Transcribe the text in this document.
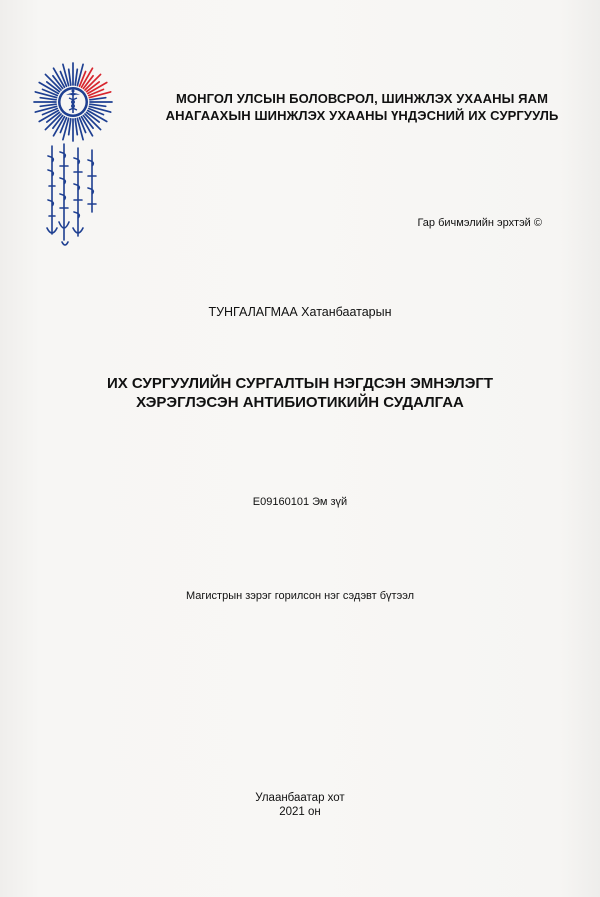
МОНГОЛ УЛСЫН БОЛОВСРОЛ, ШИНЖЛЭХ УХААНЫ ЯАМ
АНАГААХЫН ШИНЖЛЭХ УХААНЫ ҮНДЭСНИЙ ИХ СУРГУУЛЬ
Гар бичмэлийн эрхтэй ©
ТУНГАЛАГМАА Хатанбаатарын
ИХ СУРГУУЛИЙН СУРГАЛТЫН НЭГДСЭН ЭМНЭЛЭГТ
ХЭРЭГЛЭСЭН АНТИБИОТИКИЙН СУДАЛГАА
E09160101 Эм зүй
Магистрын зэрэг горилсон нэг сэдэвт бүтээл
Улаанбаатар хот
2021 он
